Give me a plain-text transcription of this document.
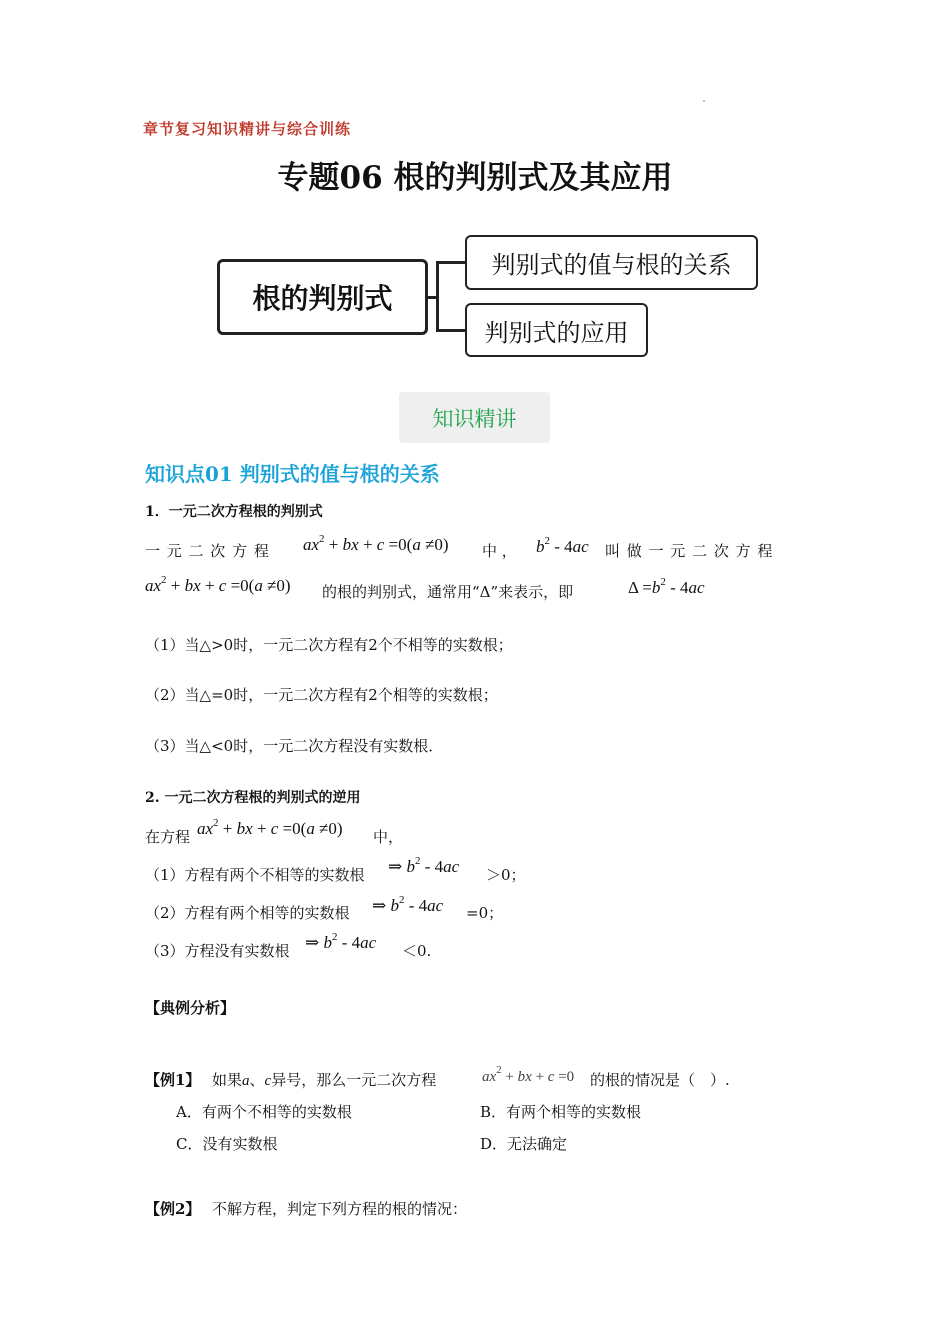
章节复习知识精讲与综合训练
专题06 根的判别式及其应用
根的判别式
判别式的值与根的关系
判别式的应用
知识精讲
知识点01 判别式的值与根的关系
1．一元二次方程根的判别式
一 元 二 次 方 程 $ax^2$ + bx + c =0(a ≠0) 中 ， $b^2 - 4ac$ 叫 做 一 元 二 次 方 程
$ax^2$ + bx + c =0(a ≠0) 的根的判别式，通常用“Δ”来表示，即	$\Delta =b^2 - 4ac$
（1）当△>0时，一元二次方程有2个不相等的实数根；
（2）当△=0时，一元二次方程有2个相等的实数根；
（3）当△<0时，一元二次方程没有实数根．
2. 一元二次方程根的判别式的逆用
在方程 $ax^2$ + bx + c =0(a ≠0) 中，
（1）方程有两个不相等的实数根 ⇒ $b^2 - 4ac >0$；
（2）方程有两个相等的实数根 ⇒ $b^2 - 4ac =0$；
（3）方程没有实数根 ⇒ $b^2 - 4ac <0$.
【典例分析】
【例1】 如果a、c异号，那么一元二次方程	$ax^2$ + bx + c =0 的根的情况是（　）.
A．有两个不相等的实数根	B．有两个相等的实数根
C．没有实数根	D．无法确定
【例2】 不解方程，判定下列方程的根的情况：
